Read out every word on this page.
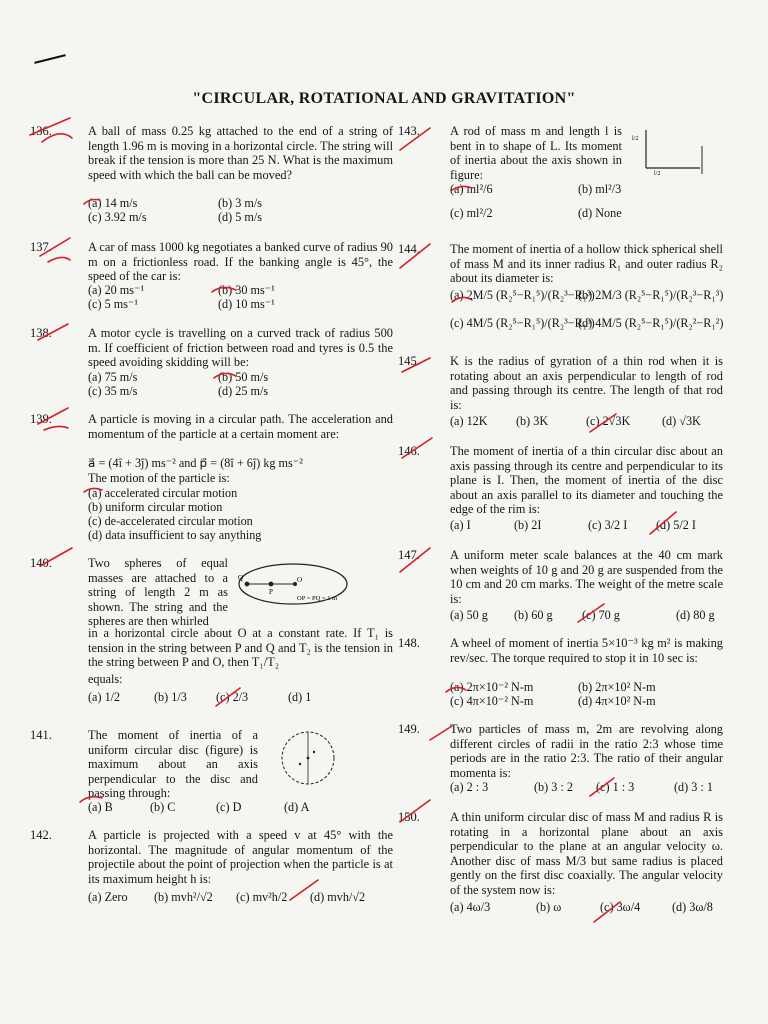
"CIRCULAR, ROTATIONAL AND GRAVITATION"
136.	A ball of mass 0.25 kg attached to the end of a string of length 1.96 m is moving in a horizontal circle. The string will break if the tension is more than 25 N. What is the maximum speed with which the ball can be moved?
(a) 14 m/s	(b) 3 m/s
(c) 3.92 m/s	(d) 5 m/s
137.	A car of mass 1000 kg negotiates a banked curve of radius 90 m on a frictionless road. If the banking angle is 45°, the speed of the car is:
(a) 20 ms⁻¹	(b) 30 ms⁻¹
(c) 5 ms⁻¹	(d) 10 ms⁻¹
138.	A motor cycle is travelling on a curved track of radius 500 m. If coefficient of friction between road and tyres is 0.5 the speed avoiding skidding will be:
(a) 75 m/s	(b) 50 m/s
(c) 35 m/s	(d) 25 m/s
139.	A particle is moving in a circular path. The acceleration and momentum of the particle at a certain moment are:
a⃗ = (4î + 3ĵ) ms⁻² and p⃗ = (8î + 6ĵ) kg ms⁻²
The motion of the particle is:
(a) accelerated circular motion
(b) uniform circular motion
(c) de-accelerated circular motion
(d) data insufficient to say anything
140.	Two spheres of equal masses are attached to a string of length 2 m as shown. The string and the spheres are then whirled
Q
P
O
OP = PQ = 1 m
in a horizontal circle about O at a constant rate. If T₁ is tension in the string between P and Q and T₂ is the tension in the string between P and O, then T₁/T₂
equals:
(a) 1/2	(b) 1/3 (c) 2/3	(d) 1
141.	The moment of inertia of a uniform circular disc (figure) is maximum about an axis perpendicular to the disc and passing through:
(a) B	(b) C	(c) D	(d) A
142.	A particle is projected with a speed v at 45° with the horizontal. The magnitude of angular momentum of the projectile about the point of projection when the particle is at its maximum height h is:
(a) Zero (b) mvh²/√2 (c) mv²h/2 (d) mvh/√2
143.	A rod of mass m and length l is bent in to shape of L. Its moment of inertia about the axis shown in figure:
l/2
l/2
(a) ml²/6	(b) ml²/3
(c) ml²/2	(d) None
144.	The moment of inertia of a hollow thick spherical shell of mass M and its inner radius R₁ and outer radius R₂ about its diameter is:
(a) 2M/5 (R₂⁵−R₁⁵)/(R₂³−R₁³)
(b) 2M/3 (R₂⁵−R₁⁵)/(R₂³−R₁³)
(c) 4M/5 (R₂⁵−R₁⁵)/(R₂³−R₁³)
(d) 4M/5 (R₂⁵−R₁⁵)/(R₂²−R₁²)
145.	K is the radius of gyration of a thin rod when it is rotating about an axis perpendicular to length of rod and passing through its centre. The length of that rod is:
(a) 12K (b) 3K	(c) 2√3K	(d) √3K
146.	The moment of inertia of a thin circular disc about an axis passing through its centre and perpendicular to its plane is I. Then, the moment of inertia of the disc about an axis parallel to its diameter and touching the edge of the rim is:
(a) I	(b) 2I	(c) 3/2 I (d) 5/2 I
147.	A uniform meter scale balances at the 40 cm mark when weights of 10 g and 20 g are suspended from the 10 cm and 20 cm marks. The weight of the metre scale is:
(a) 50 g (b) 60 g (c) 70 g	(d) 80 g
148.	A wheel of moment of inertia 5×10⁻³ kg m² is making rev/sec. The torque required to stop it in 10 sec is:
(a) 2π×10⁻² N-m	(b) 2π×10² N-m
(c) 4π×10⁻² N-m	(d) 4π×10² N-m
149.	Two particles of mass m, 2m are revolving along different circles of radii in the ratio 2:3 whose time periods are in the ratio 2:3. The ratio of their angular momenta is:
(a) 2 : 3	(b) 3 : 2 (c) 1 : 3	(d) 3 : 1
150.	A thin uniform circular disc of mass M and radius R is rotating in a horizontal plane about an axis perpendicular to the plane at an angular velocity ω. Another disc of mass M/3 but same radius is placed gently on the first disc coaxially. The angular velocity of the system now is:
(a) 4ω/3	(b) ω	(c) 3ω/4	(d) 3ω/8
